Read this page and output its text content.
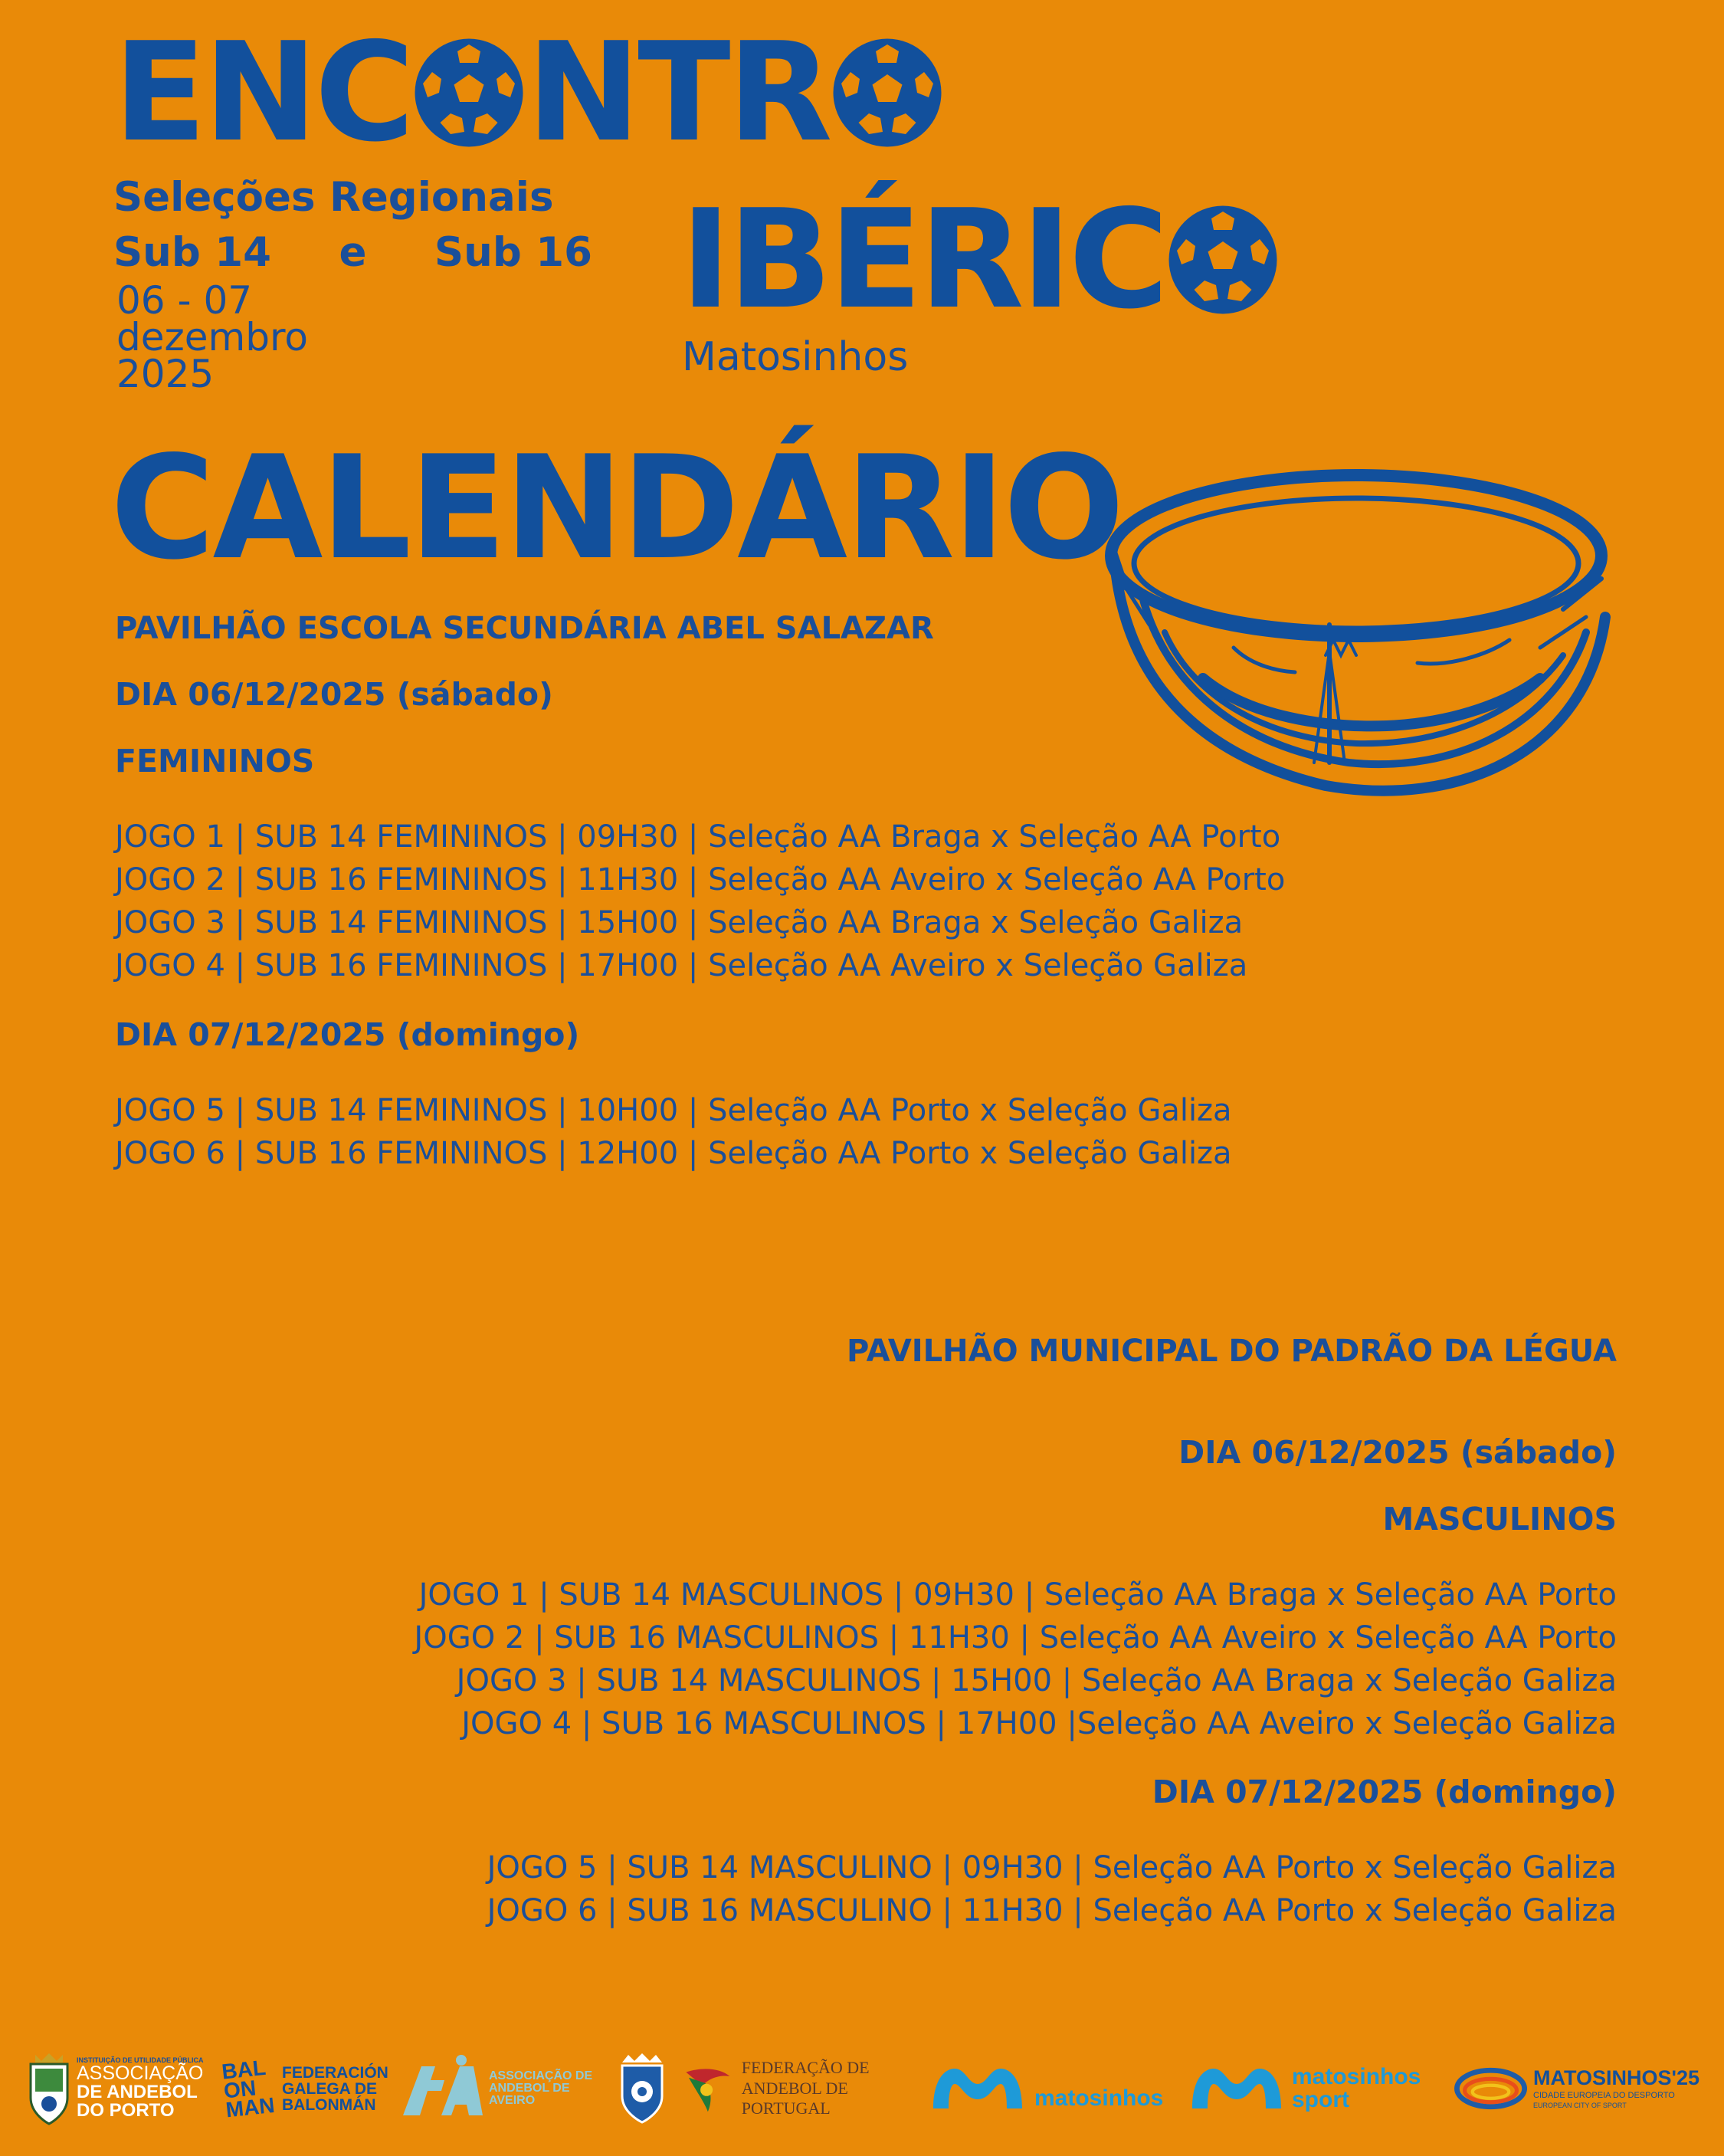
ENC NTR
Seleções Regionais
Sub 14 e Sub 16
06 - 07
dezembro
2025
IBÉRIC
Matosinhos
CALENDÁRIO
PAVILHÃO ESCOLA SECUNDÁRIA ABEL SALAZAR
DIA 06/12/2025 (sábado)
FEMININOS
JOGO 1 | SUB 14 FEMININOS | 09H30 | Seleção AA Braga x Seleção AA Porto
JOGO 2 | SUB 16 FEMININOS | 11H30 | Seleção AA Aveiro x Seleção AA Porto
JOGO 3 | SUB 14 FEMININOS | 15H00 | Seleção AA Braga x Seleção Galiza
JOGO 4 | SUB 16 FEMININOS | 17H00 | Seleção AA Aveiro x Seleção Galiza
DIA 07/12/2025 (domingo)
JOGO 5 | SUB 14 FEMININOS | 10H00 | Seleção AA Porto x Seleção Galiza
JOGO 6 | SUB 16 FEMININOS | 12H00 | Seleção AA Porto x Seleção Galiza
PAVILHÃO MUNICIPAL DO PADRÃO DA LÉGUA
DIA 06/12/2025 (sábado)
MASCULINOS
JOGO 1 | SUB 14 MASCULINOS | 09H30 | Seleção AA Braga x Seleção AA Porto
JOGO 2 | SUB 16 MASCULINOS | 11H30 | Seleção AA Aveiro x Seleção AA Porto
JOGO 3 | SUB 14 MASCULINOS | 15H00 | Seleção AA Braga x Seleção Galiza
JOGO 4 | SUB 16 MASCULINOS | 17H00 |Seleção AA Aveiro x Seleção Galiza
DIA 07/12/2025 (domingo)
JOGO 5 | SUB 14 MASCULINO | 09H30 | Seleção AA Porto x Seleção Galiza
JOGO 6 | SUB 16 MASCULINO | 11H30 | Seleção AA Porto x Seleção Galiza
INSTITUIÇÃO DE UTILIDADE PÚBLICA
ASSOCIAÇÃO
DE ANDEBOL
DO PORTO
BALON MAN
FEDERACIÓN
GALEGA DE
BALONMÁN
ASSOCIAÇÃO DE
ANDEBOL DE
AVEIRO
FEDERAÇÃO DE
ANDEBOL DE PORTUGAL	matosinhos
matosinhos
sport
MATOSINHOS'25
CIDADE EUROPEIA DO DESPORTO
EUROPEAN CITY OF SPORT
